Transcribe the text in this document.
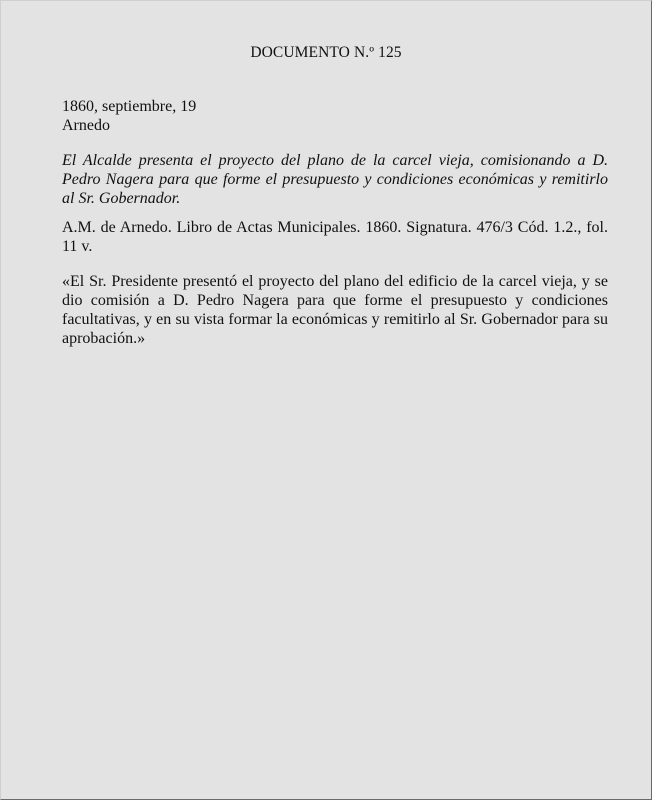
DOCUMENTO N.º 125

1860, septiembre, 19

Arnedo

El Alcalde presenta el proyecto del plano de la carcel vieja, comisionando a D. Pedro Nagera para que forme el presupuesto y condiciones económicas y remitirlo al Sr. Gobernador.

A.M. de Arnedo. Libro de Actas Municipales. 1860. Signatura. 476/3 Cód. 1.2., fol. 11 v.

«El Sr. Presidente presentó el proyecto del plano del edificio de la carcel vieja, y se dio comisión a D. Pedro Nagera para que forme el presupuesto y condiciones facultativas, y en su vista formar la económicas y remitirlo al Sr. Gobernador para su aprobación.»
